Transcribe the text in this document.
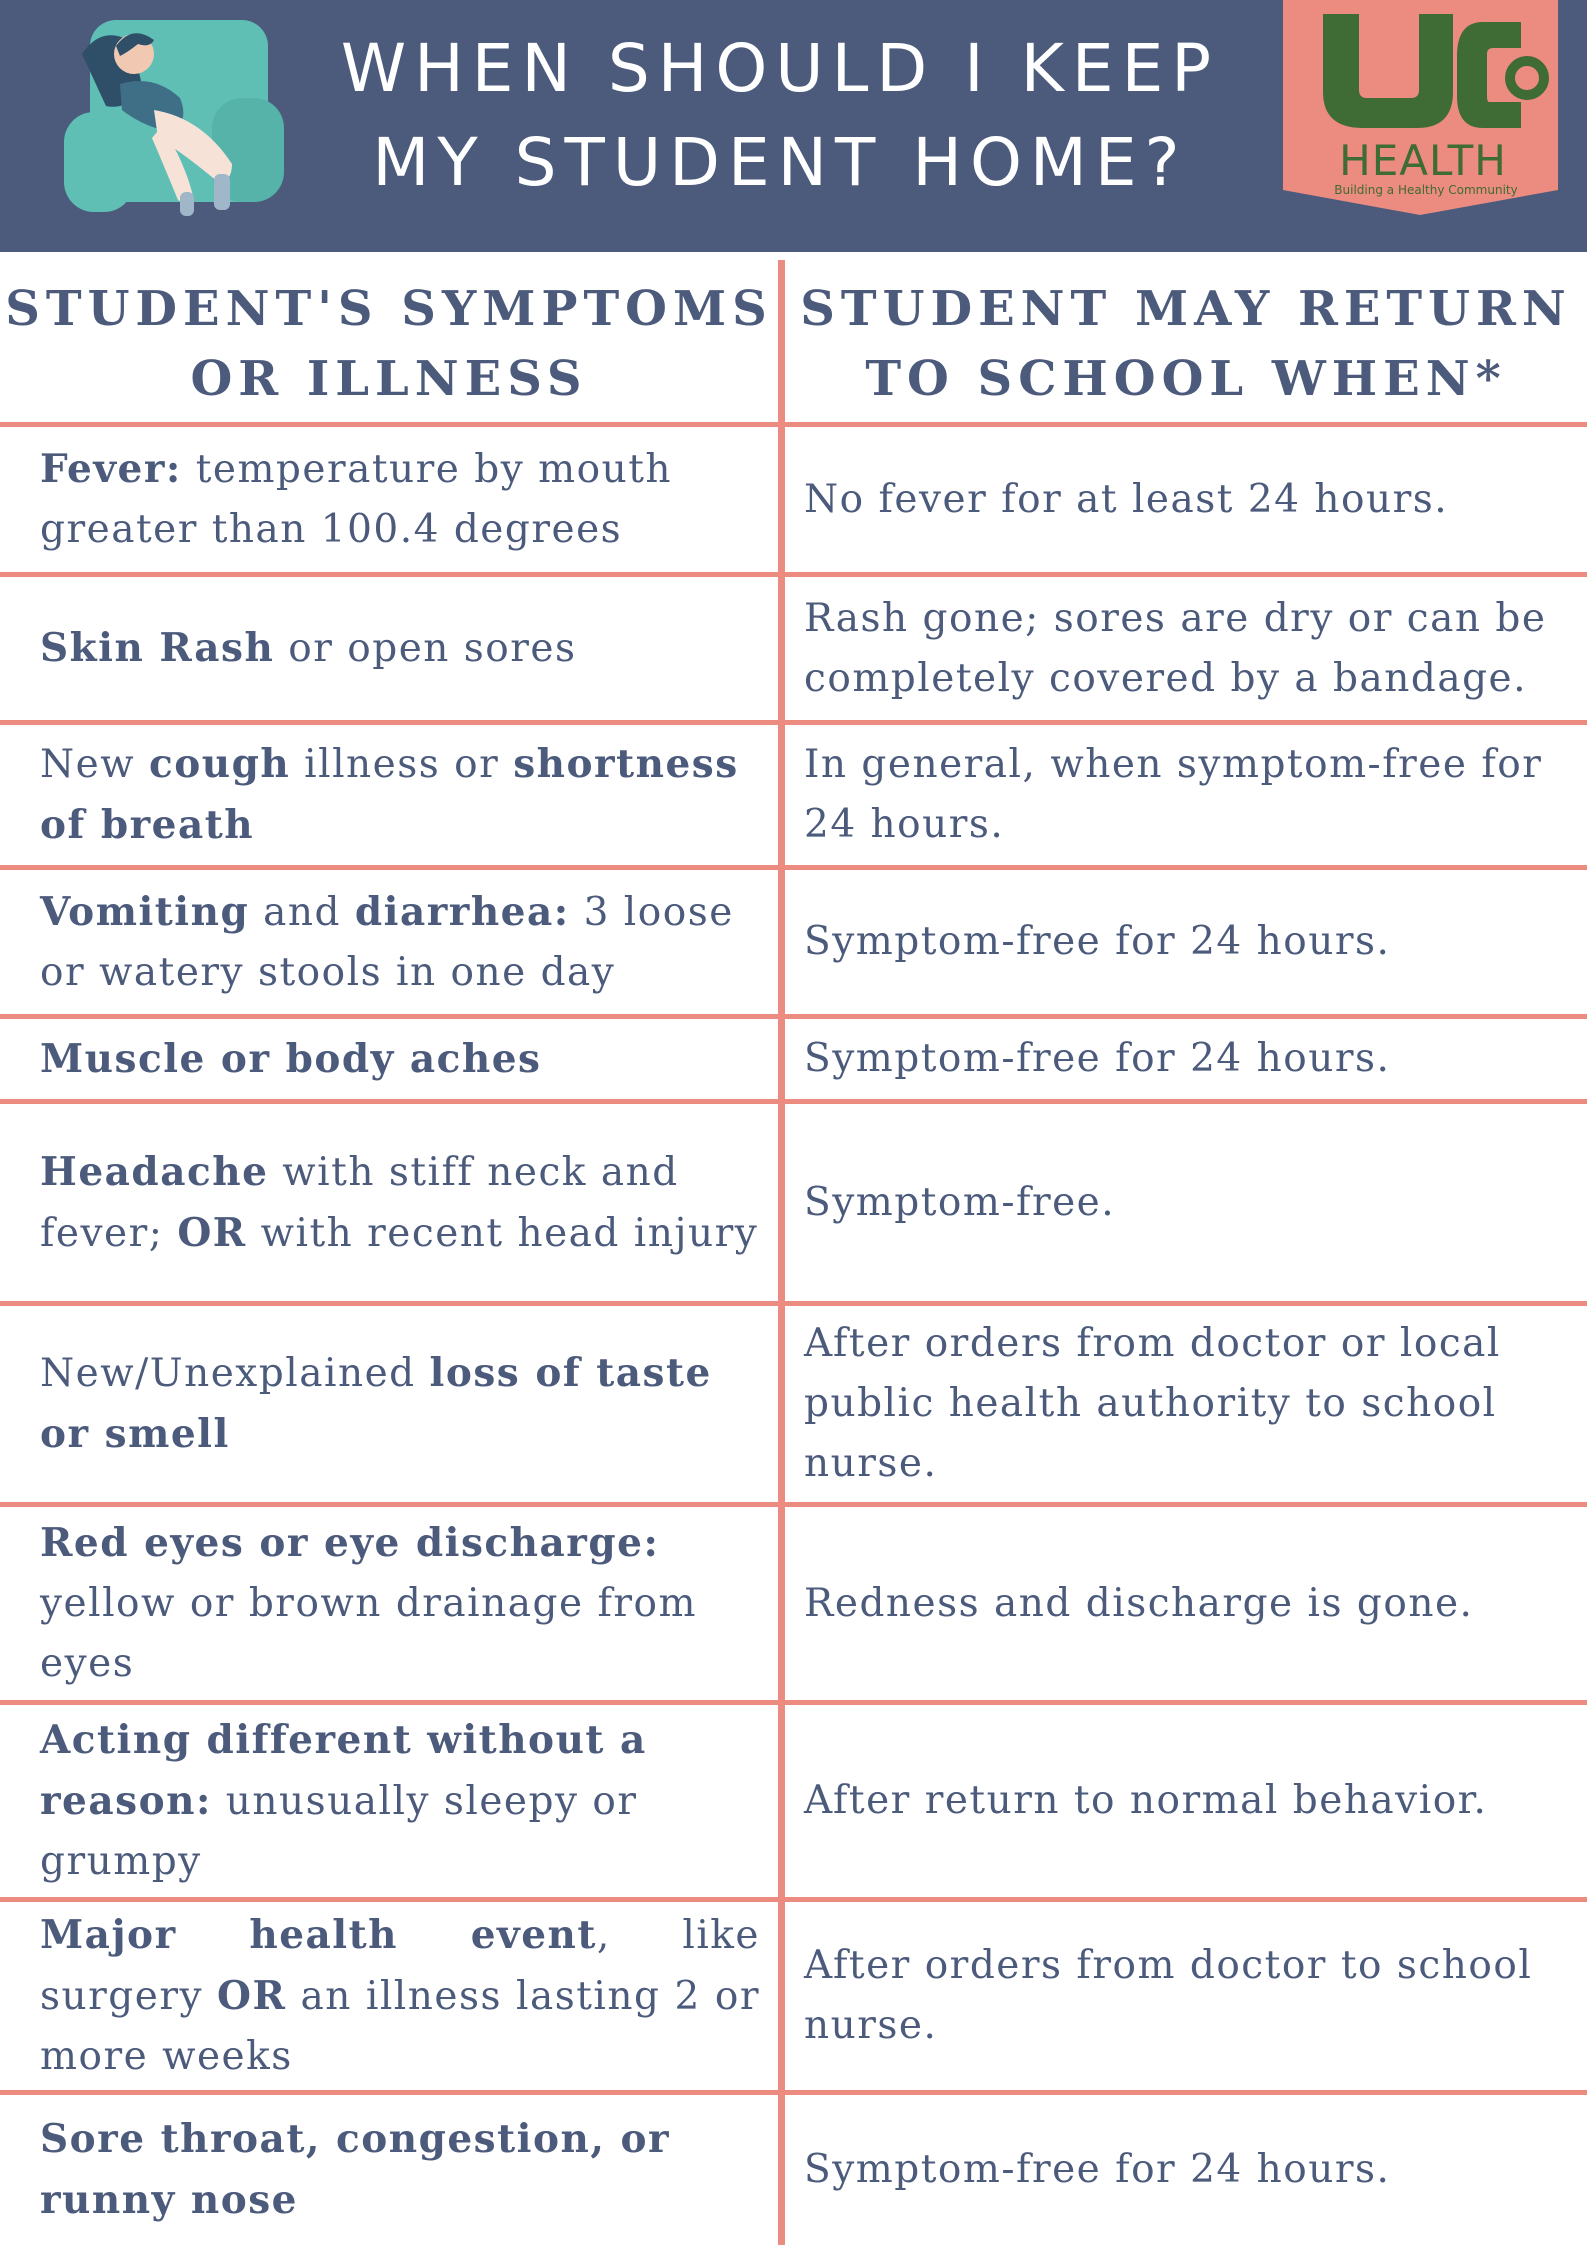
WHEN SHOULD I KEEP
MY STUDENT HOME?	HEALTH
Building a Healthy Community
STUDENT'S SYMPTOMS
OR ILLNESS
STUDENT MAY RETURN
TO SCHOOL WHEN*
Fever: temperature by mouth greater than 100.4 degrees
No fever for at least 24 hours.
Skin Rash or open sores
Rash gone; sores are dry or can be completely covered by a bandage.
New cough illness or shortness of breath
In general, when symptom-free for 24 hours.
Vomiting and diarrhea: 3 loose or watery stools in one day
Symptom-free for 24 hours.
Muscle or body aches	Symptom-free for 24 hours.
Headache with stiff neck and fever; OR with recent head injury
Symptom-free.
New/Unexplained loss of taste or smell
After orders from doctor or local public health authority to school nurse.
Red eyes or eye discharge: yellow or brown drainage from eyes
Redness and discharge is gone.
Acting different without a reason: unusually sleepy or grumpy
After return to normal behavior.
Major health event, like surgery OR an illness lasting 2 or more weeks
After orders from doctor to school nurse.
Sore throat, congestion, or runny nose
Symptom-free for 24 hours.
